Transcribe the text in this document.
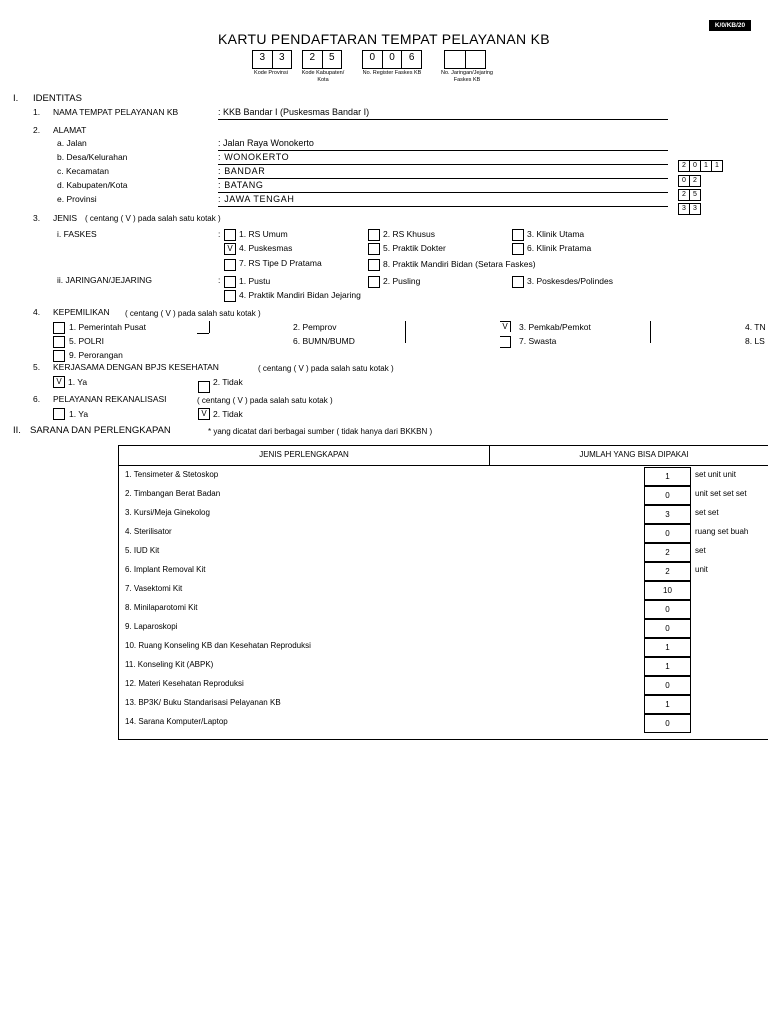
K/0/KB/20
KARTU PENDAFTARAN TEMPAT PELAYANAN KB
3	3	2	5	0	0	6
Kode Provinsi	Kode Kabupaten/ Kota
No. Register Faskes KB	No. Jaringan/Jejaring Faskes KB
I. IDENTITAS
1. NAMA TEMPAT PELAYANAN KB	: KKB Bandar I (Puskesmas Bandar I)
2. ALAMAT
a. Jalan	: Jalan Raya Wonokerto
b. Desa/Kelurahan	: WONOKERTO
c. Kecamatan	: BANDAR
d. Kabupaten/Kota	: BATANG
e. Provinsi	: JAWA TENGAH
2	0	1	1
0	2
2	5
3	3
3. JENIS ( centang ( V ) pada salah satu kotak )
i. FASKES	: 1. RS Umum	2. RS Khusus	3. Klinik Utama
V 4. Puskesmas	5. Praktik Dokter	6. Klinik Pratama
7. RS Tipe D Pratama	8. Praktik Mandiri Bidan (Setara Faskes)
ii. JARINGAN/JEJARING	: 1. Pustu	2. Pusling	3. Poskesdes/Polindes
4. Praktik Mandiri Bidan Jejaring
4. KEPEMILIKAN ( centang ( V ) pada salah satu kotak )
1. Pemerintah Pusat	2. Pemprov	V	3. Pemkab/Pemkot	4. TN
5. POLRI	6. BUMN/BUMD	7. Swasta	8. LS
9. Perorangan
5. KERJASAMA DENGAN BPJS KESEHATAN	( centang ( V ) pada salah satu kotak )
V 1. Ya	2. Tidak
6. PELAYANAN REKANALISASI	( centang ( V ) pada salah satu kotak )
1. Ya	V 2. Tidak
II. SARANA DAN PERLENGKAPAN	* yang dicatat dari berbagai sumber ( tidak hanya dari BKKBN )
JENIS PERLENGKAPAN	JUMLAH YANG BISA DIPAKAI
1. Tensimeter & Stetoskop	1	set unit unit
2. Timbangan Berat Badan	0	unit set set set
3. Kursi/Meja Ginekolog	3	set set
4. Sterilisator	0	ruang set buah
5. IUD Kit	2	set
6. Implant Removal Kit	2	unit
7. Vasektomi Kit	10
8. Minilaparotomi Kit	0
9. Laparoskopi	0
10. Ruang Konseling KB dan Kesehatan Reproduksi	1
11. Konseling Kit (ABPK)	1
12. Materi Kesehatan Reproduksi	0
13. BP3K/ Buku Standarisasi Pelayanan KB	1
14. Sarana Komputer/Laptop	0
